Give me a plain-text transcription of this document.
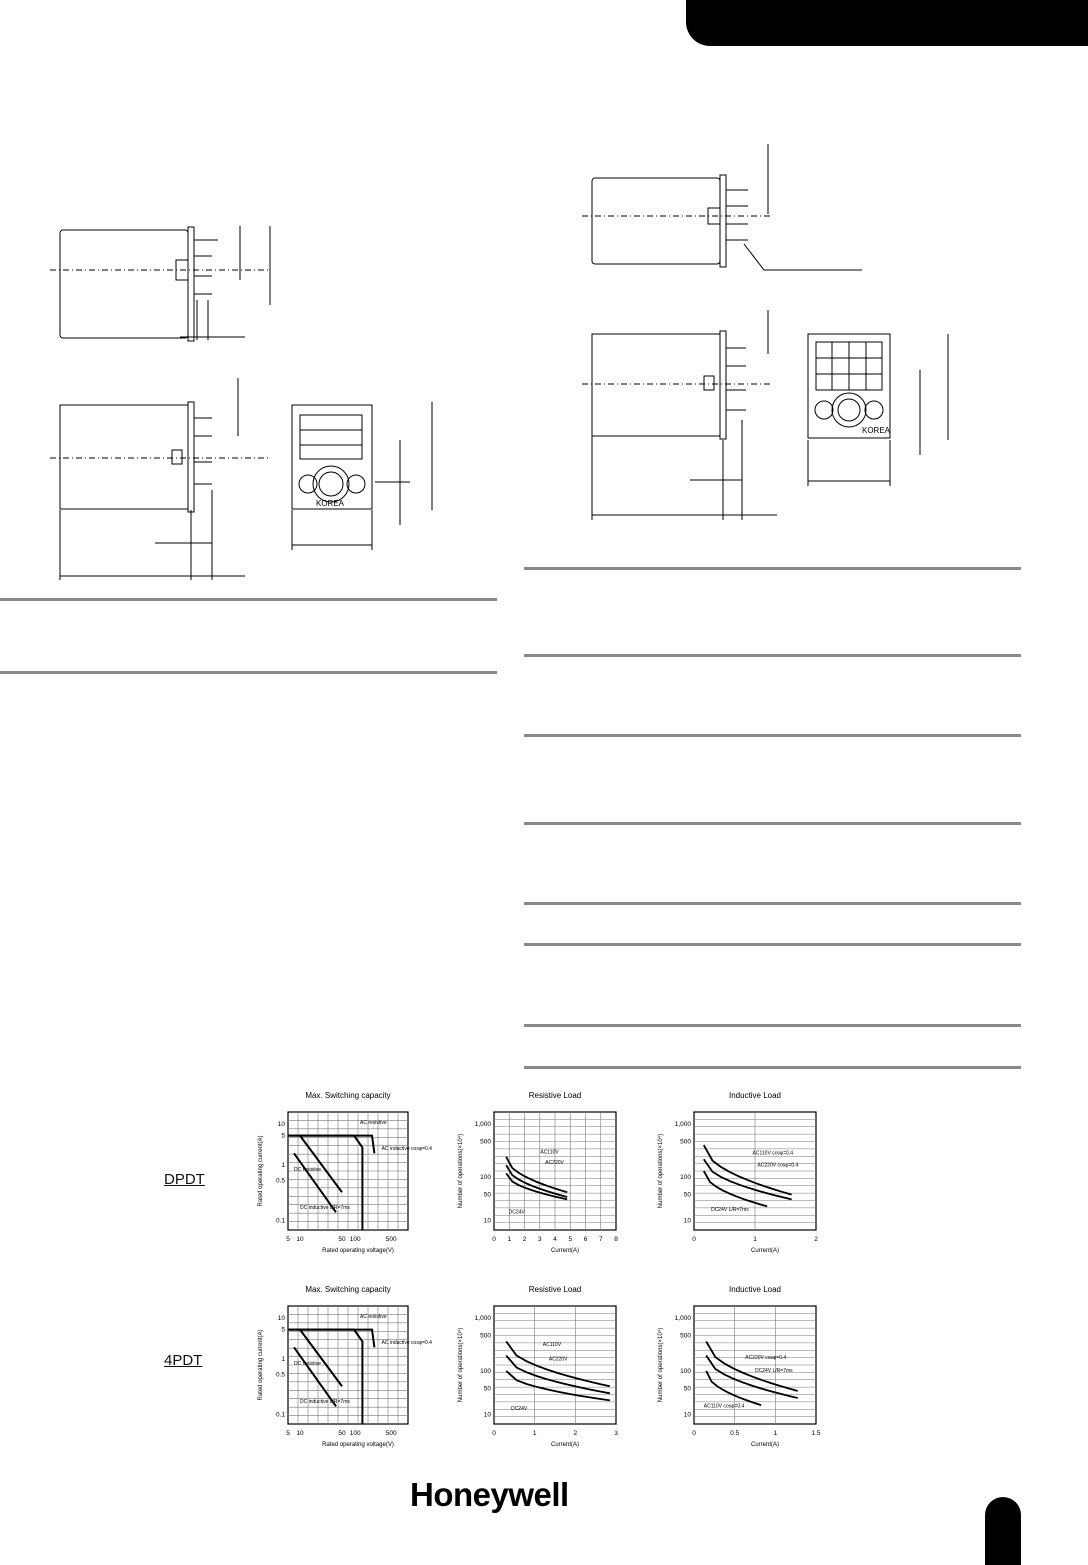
KOREA
KOREA
DPDT
4PDT
Max. Switching capacity
Rated operating current(A)
Rated operating voltage(V)
5 10	50 100	500
10
5
1
0.5
0.1
AC resistive
AC inductive cosφ=0.4
DC resistive
DC inductive L/R=7ms
Resistive Load
Number of operations(×10⁴)
Current(A)
0 1 2 3 4 5 6 7 8
1,000
500
100
50
10
AC110V
AC220V
DC24V
Inductive Load
Number of operations(×10⁴)
Current(A)
0	1	2
1,000
500
100
50
10
AC110V cosφ=0.4
AC220V cosφ=0.4
DC24V L/R=7ms
Max. Switching capacity
Rated operating current(A)
Rated operating voltage(V)
5 10	50 100	500
10
5
1
0.5
0.1
AC resistive
AC inductive cosφ=0.4
DC resistive
DC inductive L/R=7ms
Resistive Load
Number of operations(×10⁴)
Current(A)
0	1	2	3
1,000
500
100
50
10
AC110V
AC220V
DC24V
Inductive Load
Number of operations(×10⁴)
Current(A)
0	0.5	1	1.5
1,000
500
100
50
10
AC220V cosφ=0.4
DC24V L/R=7ms
AC110V cosφ=0.4
Honeywell
